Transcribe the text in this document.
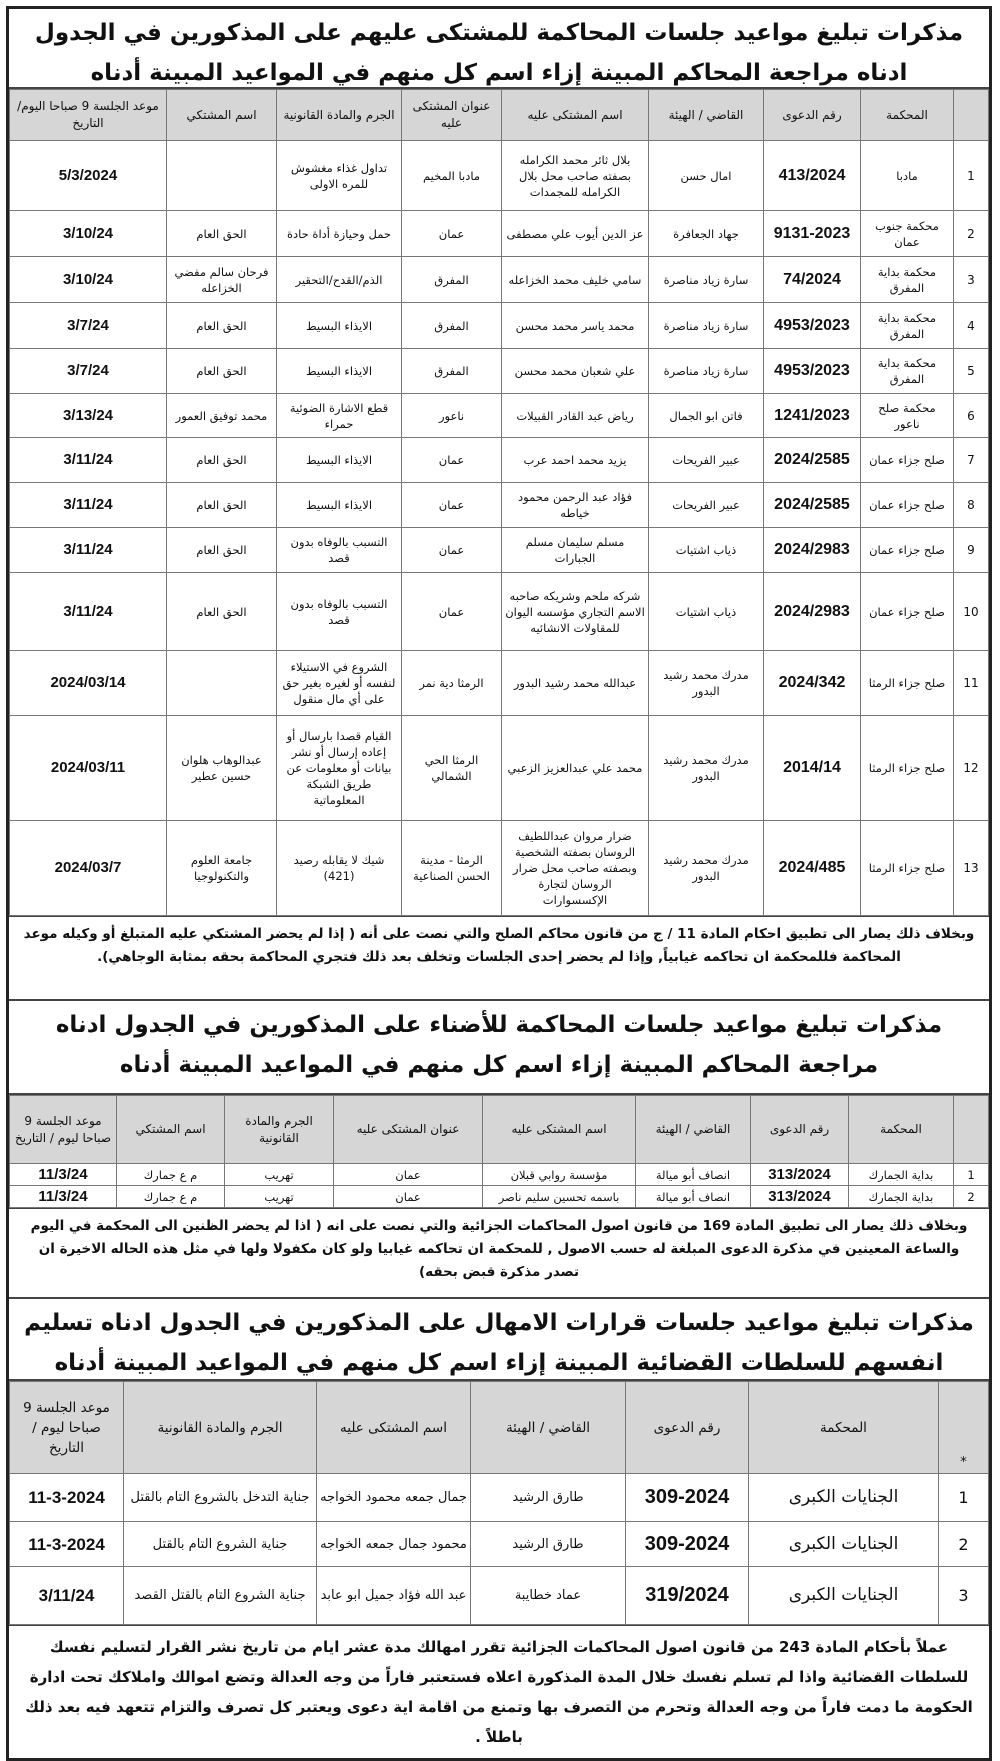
مذكرات تبليغ مواعيد جلسات المحاكمة للمشتكى عليهم على المذكورين في الجدول ادناه مراجعة المحاكم المبينة إزاء اسم كل منهم في المواعيد المبينة أدناه
	المحكمة	رقم الدعوى	القاضي / الهيئة	اسم المشتكى عليه	عنوان المشتكى عليه	الجرم والمادة القانونية	اسم المشتكي	موعد الجلسة 9 صباحا اليوم/التاريخ
1	مادبا	413/2024	امال حسن	بلال ثائر محمد الكرامله بصفته صاحب محل بلال الكرامله للمجمدات	مادبا المخيم	تداول غذاء مغشوش للمره الاولى		5/3/2024
2	محكمة جنوب عمان	9131-2023	جهاد الجعافرة	عز الدين أيوب علي مصطفى	عمان	حمل وحيازة أداة حادة	الحق العام	3/10/24
3	محكمة بداية المفرق	74/2024	سارة زياد مناصرة	سامي خليف محمد الخزاعله	المفرق	الذم/القدح/التحقير	فرحان سالم مفضي الخزاعله	3/10/24
4	محكمة بداية المفرق	4953/2023	سارة زياد مناصرة	محمد ياسر محمد محسن	المفرق	الايذاء البسيط	الحق العام	3/7/24
5	محكمة بداية المفرق	4953/2023	سارة زياد مناصرة	علي شعبان محمد محسن	المفرق	الايذاء البسيط	الحق العام	3/7/24
6	محكمة صلح ناعور	1241/2023	فاتن ابو الجمال	رياض عبد القادر القبيلات	ناعور	قطع الاشارة الضوئية حمراء	محمد توفيق العمور	3/13/24
7	صلح جزاء عمان	2024/2585	عبير الفريحات	يزيد محمد احمد عرب	عمان	الايذاء البسيط	الحق العام	3/11/24
8	صلح جزاء عمان	2024/2585	عبير الفريحات	فؤاد عبد الرحمن محمود خياطه	عمان	الايذاء البسيط	الحق العام	3/11/24
9	صلح جزاء عمان	2024/2983	ذياب اشتيات	مسلم سليمان مسلم الجبارات	عمان	التسبب بالوفاه بدون قصد	الحق العام	3/11/24
10	صلح جزاء عمان	2024/2983	ذياب اشتيات	شركه ملحم وشريكه صاحبه الاسم التجاري مؤسسه اليوان للمقاولات الانشائيه	عمان	التسبب بالوفاه بدون قصد	الحق العام	3/11/24
11	صلح جزاء الرمثا	2024/342	مدرك محمد رشيد البدور	عبدالله محمد رشيد البدور	الرمثا دية نمر	الشروع في الاستيلاء لنفسه أو لغيره بغير حق على أي مال منقول		2024/03/14
12	صلح جزاء الرمثا	2014/14	مدرك محمد رشيد البدور	محمد علي عبدالعزيز الزعبي	الرمثا الحي الشمالي	القيام قصدا بارسال أو إعاده إرسال أو نشر بيانات أو معلومات عن طريق الشبكة المعلوماتية	عبدالوهاب هلوان حسين عطير	2024/03/11
13	صلح جزاء الرمثا	2024/485	مدرك محمد رشيد البدور	ضرار مروان عبداللطيف الروسان بصفته الشخصية وبصفته صاحب محل ضرار الروسان لتجارة الإكسسوارات	الرمثا - مدينة الحسن الصناعية	شيك لا يقابله رصيد (421)	جامعة العلوم والتكنولوجيا	2024/03/7
وبخلاف ذلك يصار الى تطبيق احكام المادة 11 / ج من قانون محاكم الصلح والتي نصت على أنه ( إذا لم يحضر المشتكي عليه المتبلغ أو وكيله موعد المحاكمة فللمحكمة ان تحاكمه غيابياً, وإذا لم يحضر إحدى الجلسات وتخلف بعد ذلك فتجري المحاكمة بحقه بمثابة الوجاهي).
مذكرات تبليغ مواعيد جلسات المحاكمة للأضناء على المذكورين في الجدول ادناه مراجعة المحاكم المبينة إزاء اسم كل منهم في المواعيد المبينة أدناه
	المحكمة	رقم الدعوى	القاضي / الهيئة	اسم المشتكى عليه	عنوان المشتكى عليه	الجرم والمادة القانونية	اسم المشتكي	موعد الجلسة 9 صباحا ليوم / التاريخ
1	بداية الجمارك	313/2024	انصاف أبو ميالة	مؤسسة روابي قبلان	عمان	تهريب	م ع جمارك	11/3/24
2	بداية الجمارك	313/2024	انصاف أبو ميالة	باسمه تحسين سليم ناصر	عمان	تهريب	م ع جمارك	11/3/24
وبخلاف ذلك يصار الى تطبيق المادة 169 من قانون اصول المحاكمات الجزائية والتي نصت على انه ( اذا لم يحضر الظنين الى المحكمة في اليوم والساعة المعينين في مذكرة الدعوى المبلغة له حسب الاصول , للمحكمة ان تحاكمه غيابيا ولو كان مكفولا ولها في مثل هذه الحاله الاخيرة ان تصدر مذكرة قبض بحقه)
مذكرات تبليغ مواعيد جلسات قرارات الامهال على المذكورين في الجدول ادناه تسليم انفسهم للسلطات القضائية المبينة إزاء اسم كل منهم في المواعيد المبينة أدناه
*	المحكمة	رقم الدعوى	القاضي / الهيئة	اسم المشتكى عليه	الجرم والمادة القانونية	موعد الجلسة 9 صباحا ليوم / التاريخ
1	الجنايات الكبرى	309-2024	طارق الرشيد	جمال جمعه محمود الخواجه	جناية التدخل بالشروع التام بالقتل	11-3-2024
2	الجنايات الكبرى	309-2024	طارق الرشيد	محمود جمال جمعه الخواجه	جناية الشروع التام بالقتل	11-3-2024
3	الجنايات الكبرى	319/2024	عماد خطايبة	عبد الله فؤاد جميل ابو عابد	جناية الشروع التام بالقتل القصد	3/11/24
عملاً بأحكام المادة 243 من قانون اصول المحاكمات الجزائية تقرر امهالك مدة عشر ايام من تاريخ نشر القرار لتسليم نفسك للسلطات القضائية واذا لم تسلم نفسك خلال المدة المذكورة اعلاه فستعتبر فاراً من وجه العدالة وتضع اموالك واملاكك تحت ادارة الحكومة ما دمت فاراً من وجه العدالة وتحرم من التصرف بها وتمنع من اقامة اية دعوى ويعتبر كل تصرف والتزام تتعهد فيه بعد ذلك باطلاً .
